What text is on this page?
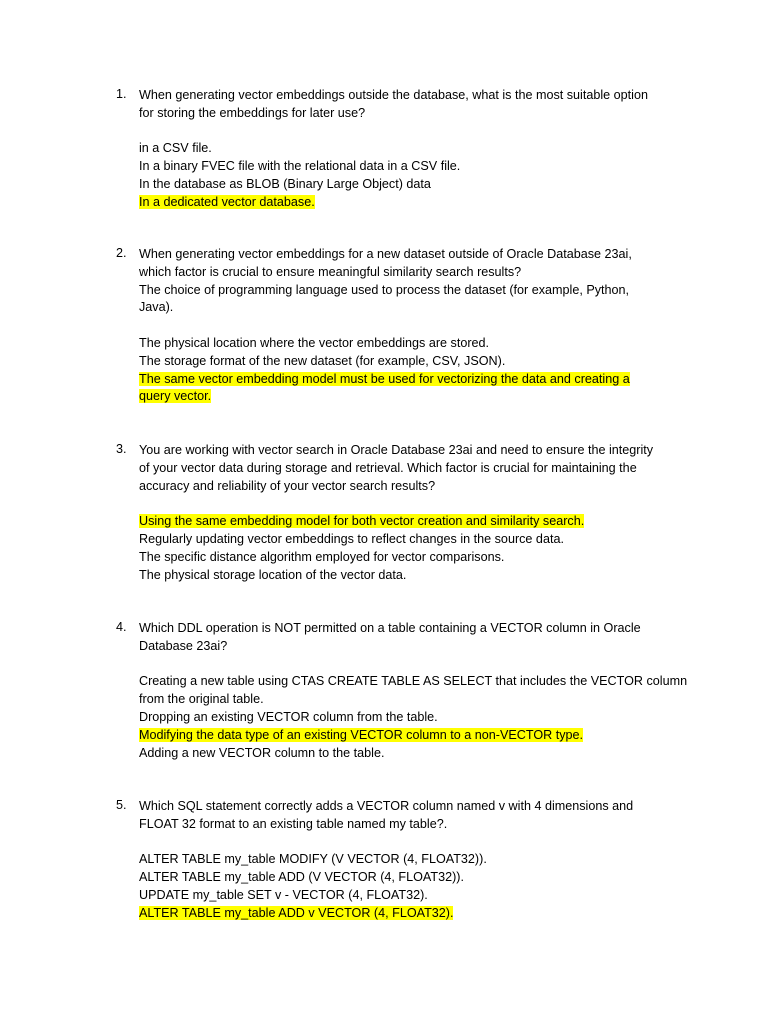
1. When generating vector embeddings outside the database, what is the most suitable option
for storing the embeddings for later use?
in a CSV file.
In a binary FVEC file with the relational data in a CSV file.
In the database as BLOB (Binary Large Object) data
In a dedicated vector database.
2. When generating vector embeddings for a new dataset outside of Oracle Database 23ai,
which factor is crucial to ensure meaningful similarity search results?
The choice of programming language used to process the dataset (for example, Python,
Java).
The physical location where the vector embeddings are stored.
The storage format of the new dataset (for example, CSV, JSON).
The same vector embedding model must be used for vectorizing the data and creating a
query vector.
3. You are working with vector search in Oracle Database 23ai and need to ensure the integrity
of your vector data during storage and retrieval. Which factor is crucial for maintaining the
accuracy and reliability of your vector search results?
Using the same embedding model for both vector creation and similarity search.
Regularly updating vector embeddings to reflect changes in the source data.
The specific distance algorithm employed for vector comparisons.
The physical storage location of the vector data.
4. Which DDL operation is NOT permitted on a table containing a VECTOR column in Oracle
Database 23ai?
Creating a new table using CTAS CREATE TABLE AS SELECT that includes the VECTOR column
from the original table.
Dropping an existing VECTOR column from the table.
Modifying the data type of an existing VECTOR column to a non-VECTOR type.
Adding a new VECTOR column to the table.
5. Which SQL statement correctly adds a VECTOR column named v with 4 dimensions and
FLOAT 32 format to an existing table named my table?.
ALTER TABLE my_table MODIFY (V VECTOR (4, FLOAT32)).
ALTER TABLE my_table ADD (V VECTOR (4, FLOAT32)).
UPDATE my_table SET v - VECTOR (4, FLOAT32).
ALTER TABLE my_table ADD v VECTOR (4, FLOAT32).
